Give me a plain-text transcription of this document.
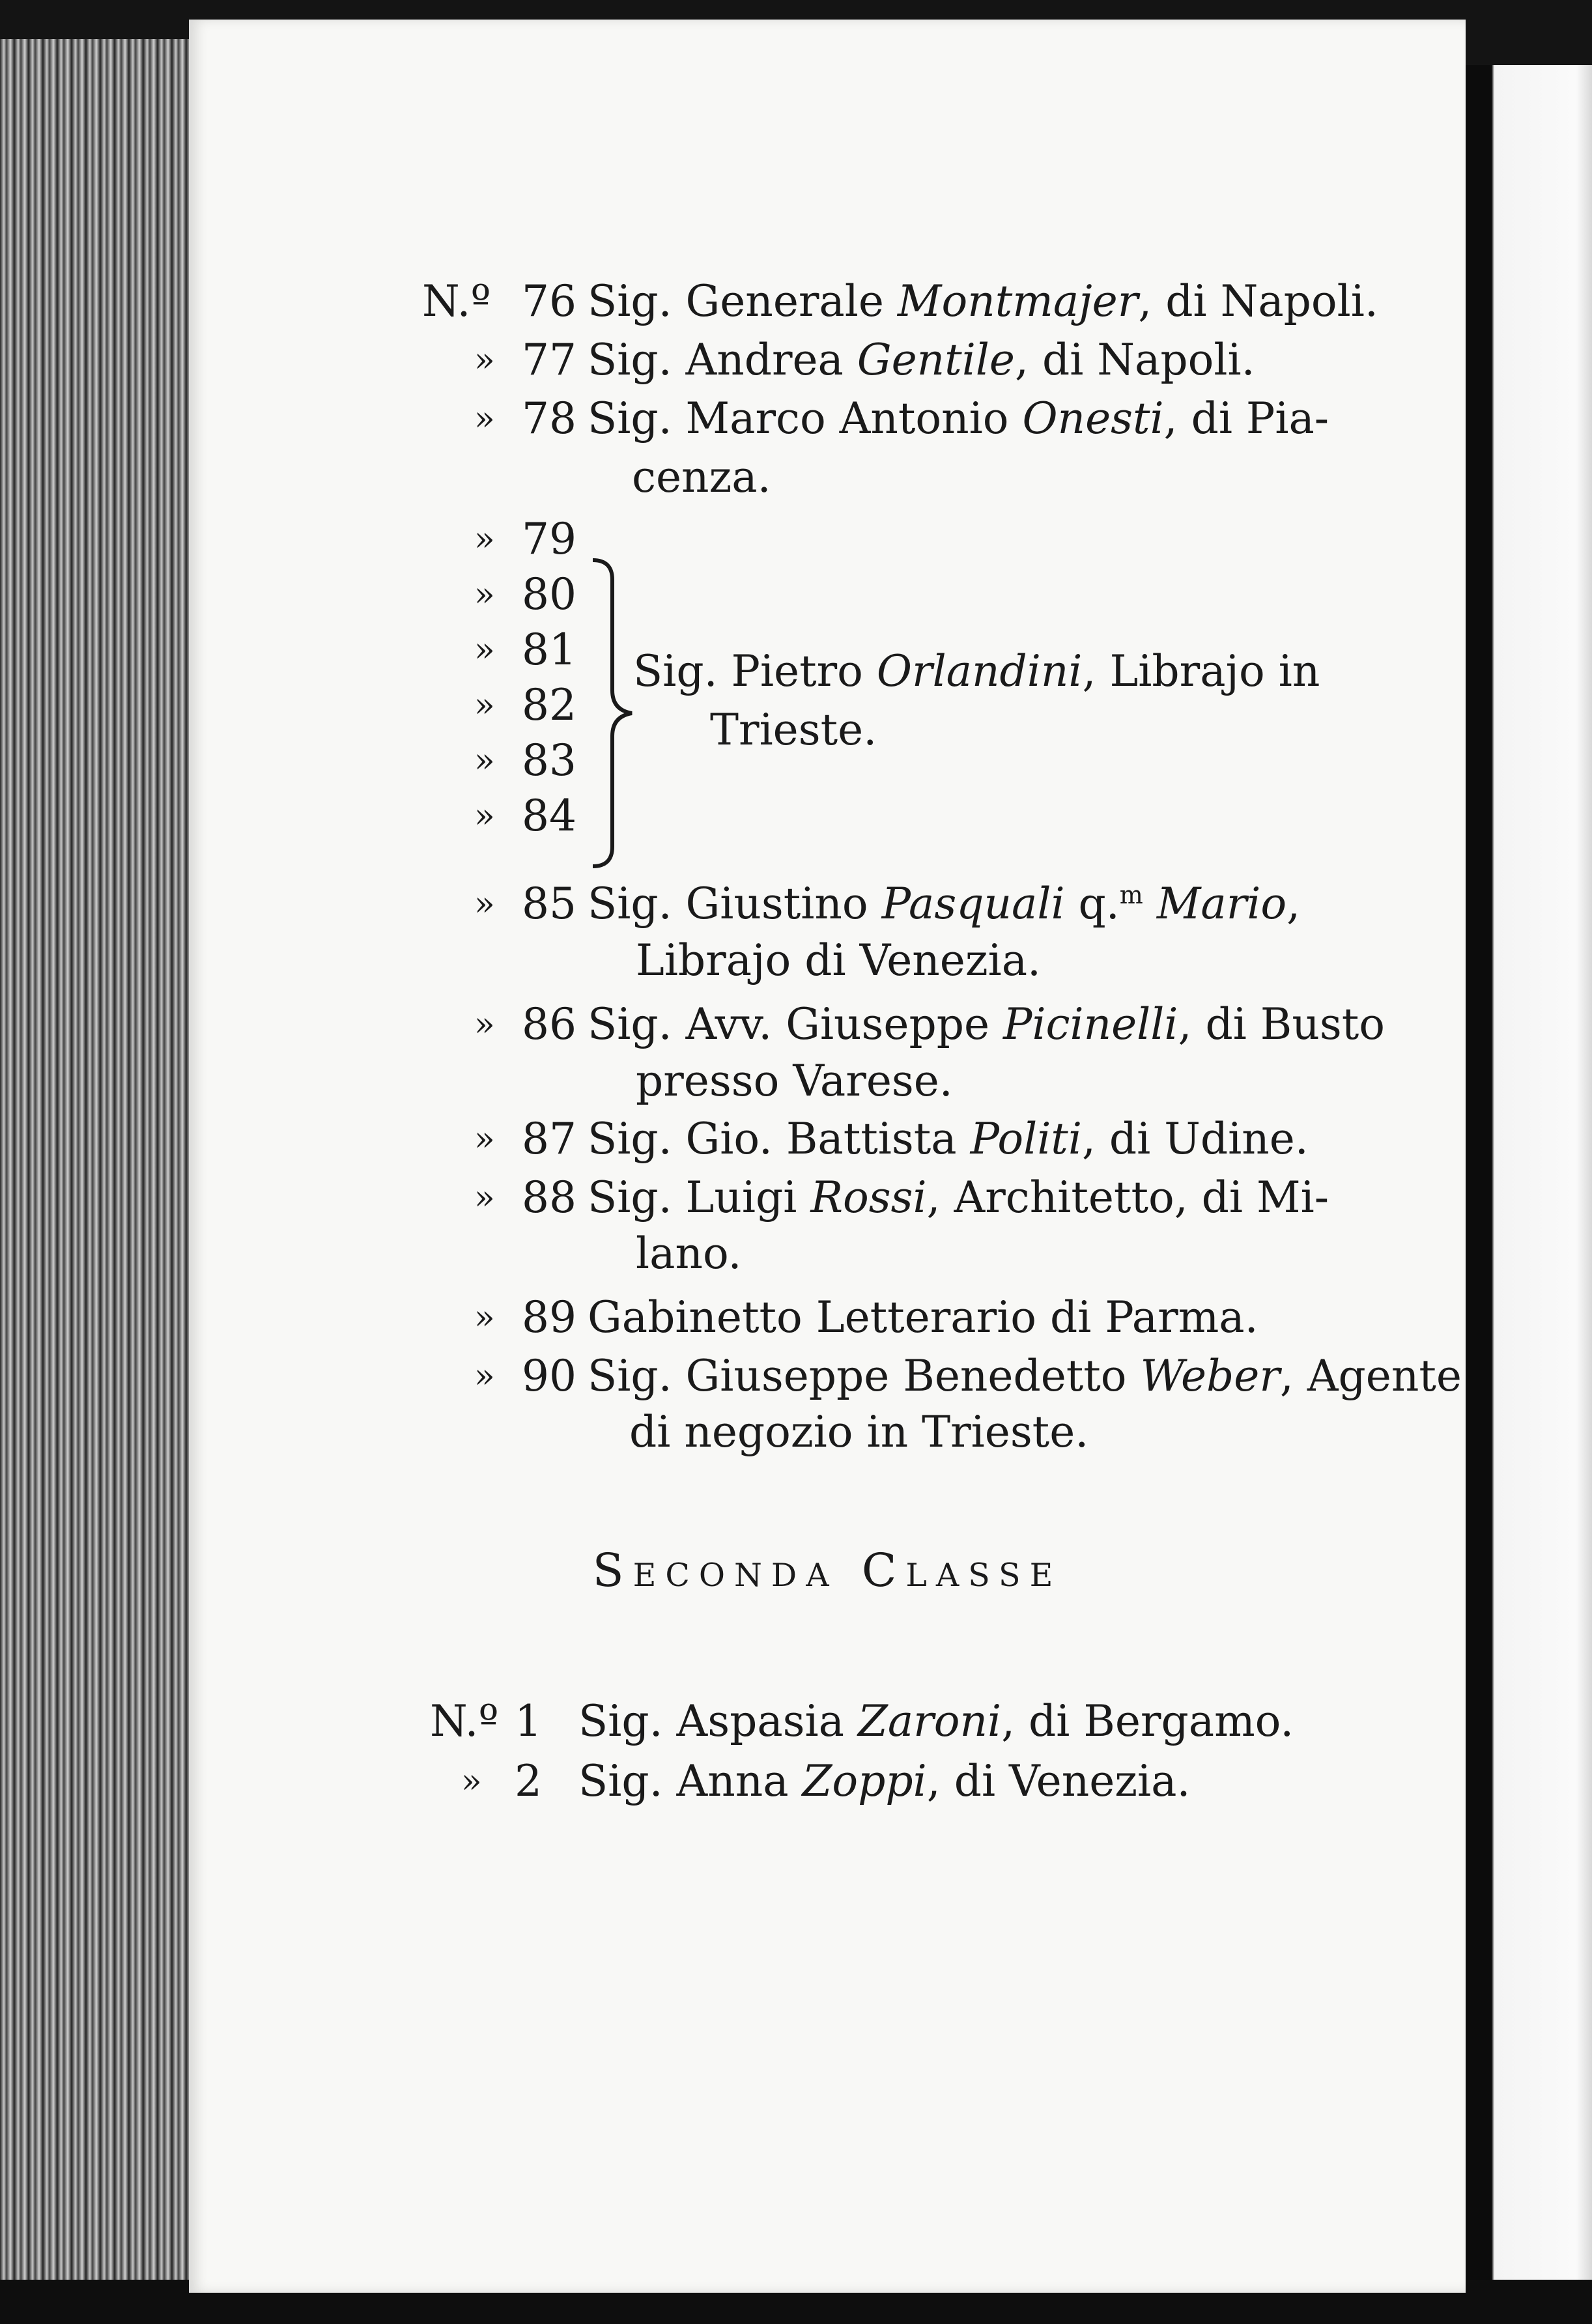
N.º 76 Sig. Generale Montmajer, di Napoli.
» 77 Sig. Andrea Gentile, di Napoli.
» 78 Sig. Marco Antonio Onesti, di Pia-
cenza.
» 79
» 80
» 81
» 82
» 83
» 84
Sig. Pietro Orlandini, Librajo in
Trieste.
» 85 Sig. Giustino Pasquali q.$^m$ Mario,
Librajo di Venezia.
» 86 Sig. Avv. Giuseppe Picinelli, di Busto
presso Varese.
» 87 Sig. Gio. Battista Politi, di Udine.
» 88 Sig. Luigi Rossi, Architetto, di Mi-
lano.
» 89 Gabinetto Letterario di Parma.
» 90 Sig. Giuseppe Benedetto Weber, Agente
di negozio in Trieste.
Seconda Classe
N.º 1 Sig. Aspasia Zaroni, di Bergamo.
» 2 Sig. Anna Zoppi, di Venezia.
